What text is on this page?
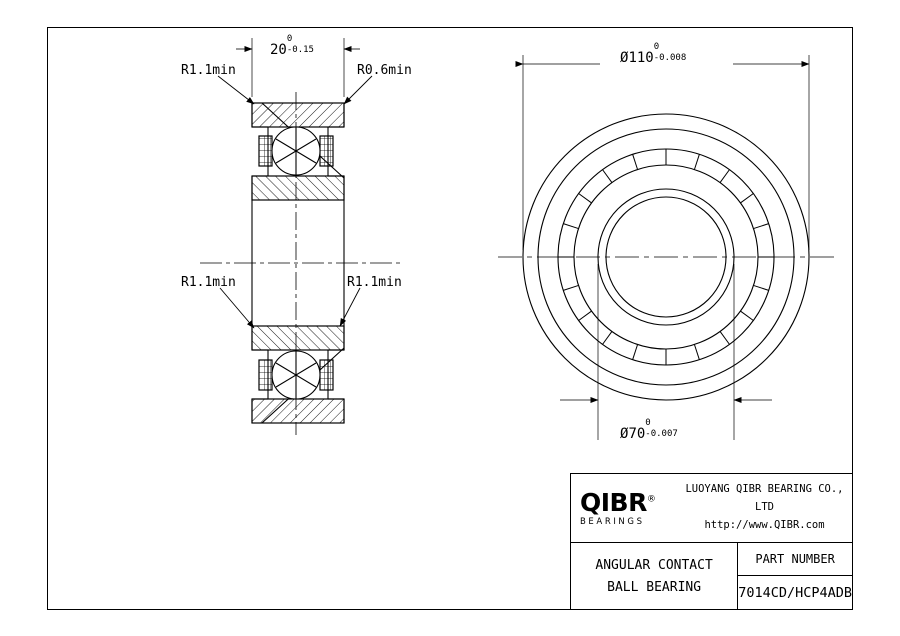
R1.1min	R0.6min
R1.1min	R1.1min
20
0
-0.15	Ø110
0
-0.008
Ø70
0
-0.007
QIBR®
BEARINGS
LUOYANG QIBR BEARING CO., LTD
http://www.QIBR.com
ANGULAR CONTACT
BALL BEARING
PART NUMBER
7014CD/HCP4ADB
